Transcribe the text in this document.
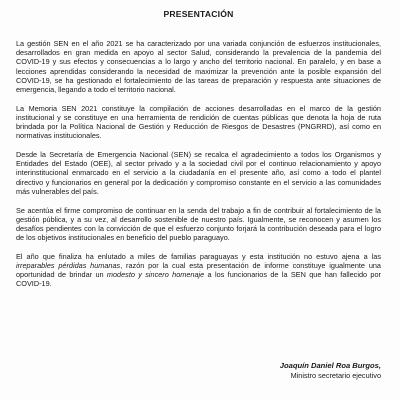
PRESENTACIÓN

La gestión SEN en el año 2021 se ha caracterizado por una variada conjunción de esfuerzos institucionales, desarrollados en gran medida en apoyo al sector Salud, considerando la prevalencia de la pandemia del COVID-19 y sus efectos y consecuencias a lo largo y ancho del territorio nacional. En paralelo, y en base a lecciones aprendidas considerando la necesidad de maximizar la prevención ante la posible expansión del COVID-19, se ha gestionado el fortalecimiento de las tareas de preparación y respuesta ante situaciones de emergencia, llegando a todo el territorio nacional.

La Memoria SEN 2021 constituye la compilación de acciones desarrolladas en el marco de la gestión institucional y se constituye en una herramienta de rendición de cuentas públicas que denota la hoja de ruta brindada por la Política Nacional de Gestión y Reducción de Riesgos de Desastres (PNGRRD), así como en normativas institucionales.

Desde la Secretaría de Emergencia Nacional (SEN) se recalca el agradecimiento a todos los Organismos y Entidades del Estado (OEE), al sector privado y a la sociedad civil por el continuo relacionamiento y apoyo interinstitucional enmarcado en el servicio a la ciudadanía en el presente año, así como a todo el plantel directivo y funcionarios en general por la dedicación y compromiso constante en el servicio a las comunidades más vulnerables del país.

Se acentúa el firme compromiso de continuar en la senda del trabajo a fin de contribuir al fortalecimiento de la gestión pública, y a su vez, al desarrollo sostenible de nuestro país. Igualmente, se reconocen y asumen los desafíos pendientes con la convicción de que el esfuerzo conjunto forjará la contribución deseada para el logro de los objetivos institucionales en beneficio del pueblo paraguayo.

El año que finaliza ha enlutado a miles de familias paraguayas y esta institución no estuvo ajena a las irreparables pérdidas humanas, razón por la cual esta presentación de informe constituye igualmente una oportunidad de brindar un modesto y sincero homenaje a los funcionarios de la SEN que han fallecido por COVID-19.

Joaquín Daniel Roa Burgos,
Ministro secretario ejecutivo
